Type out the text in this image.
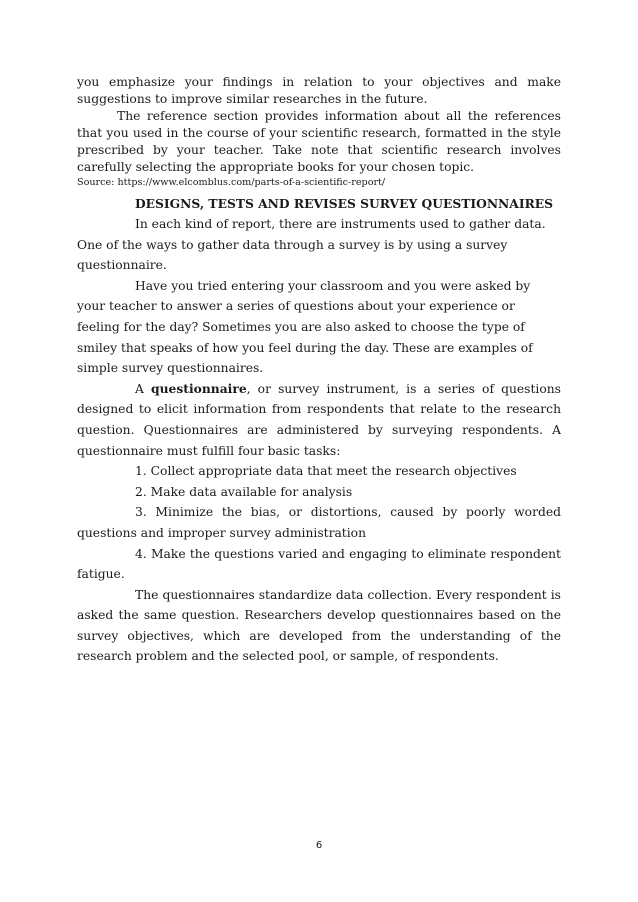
you emphasize your findings in relation to your objectives and make suggestions to improve similar researches in the future.

The reference section provides information about all the references that you used in the course of your scientific research, formatted in the style prescribed by your teacher. Take note that scientific research involves carefully selecting the appropriate books for your chosen topic.

Source: https://www.elcomblus.com/parts-of-a-scientific-report/

DESIGNS, TESTS AND REVISES SURVEY QUESTIONNAIRES

In each kind of report, there are instruments used to gather data. One of the ways to gather data through a survey is by using a survey questionnaire.

Have you tried entering your classroom and you were asked by your teacher to answer a series of questions about your experience or feeling for the day? Sometimes you are also asked to choose the type of smiley that speaks of how you feel during the day. These are examples of simple survey questionnaires.

A questionnaire, or survey instrument, is a series of questions designed to elicit information from respondents that relate to the research question. Questionnaires are administered by surveying respondents. A questionnaire must fulfill four basic tasks:

1. Collect appropriate data that meet the research objectives

2. Make data available for analysis

3. Minimize the bias, or distortions, caused by poorly worded questions and improper survey administration

4. Make the questions varied and engaging to eliminate respondent fatigue.

The questionnaires standardize data collection. Every respondent is asked the same question. Researchers develop questionnaires based on the survey objectives, which are developed from the understanding of the research problem and the selected pool, or sample, of respondents.

6
